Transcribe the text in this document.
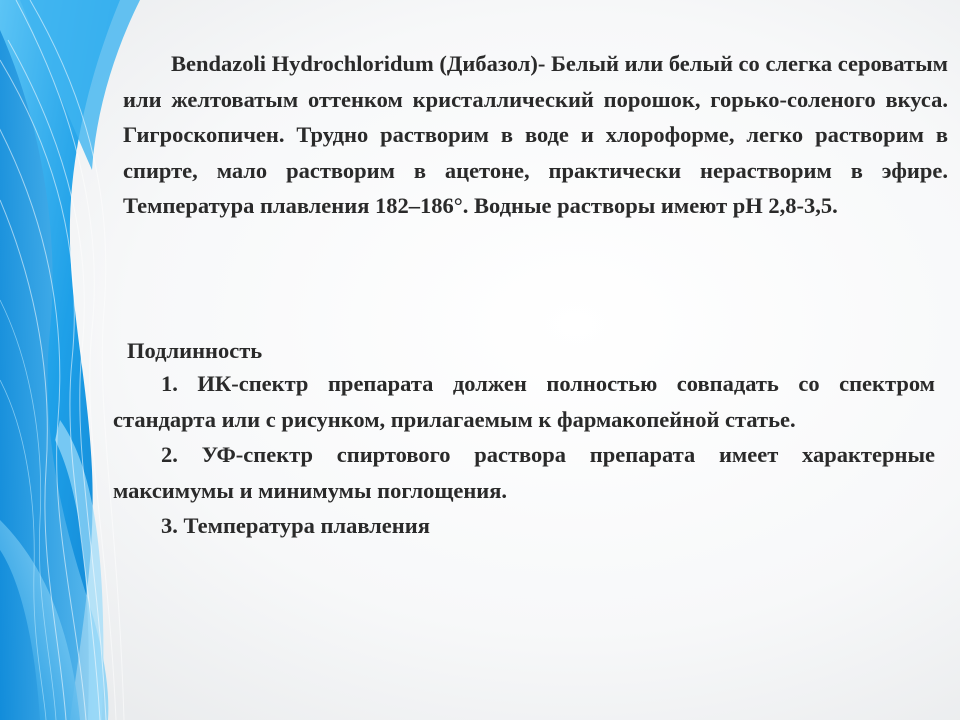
Bendazoli Hydrochloridum (Дибазол)- Белый или белый со слегка сероватым или желтоватым оттенком кристаллический порошок, горько-соленого вкуса. Гигроскопичен. Трудно растворим в воде и хлороформе, легко растворим в спирте, мало растворим в ацетоне, практически нерастворим в эфире. Температура плавления 182–186°. Водные растворы имеют рН 2,8-3,5.

Подлинность

1. ИК-спектр препарата должен полностью совпадать со спектром стандарта или с рисунком, прилагаемым к фармакопейной статье.

2. УФ-спектр спиртового раствора препарата имеет характерные максимумы и минимумы поглощения.

3. Температура плавления
